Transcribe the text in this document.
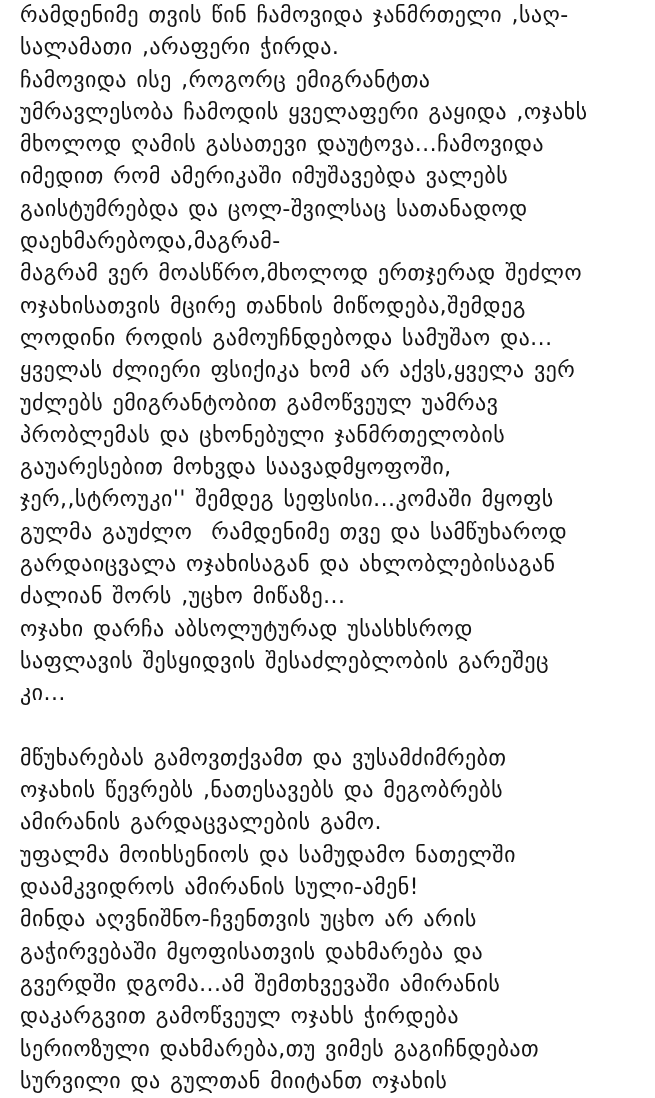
რამდენიმე თვის წინ ჩამოვიდა ჯანმრთელი ,საღ-
სალამათი ,არაფერი ჭირდა.
ჩამოვიდა ისე ,როგორც ემიგრანტთა
უმრავლესობა ჩამოდის ყველაფერი გაყიდა ,ოჯახს
მხოლოდ ღამის გასათევი დაუტოვა...ჩამოვიდა
იმედით რომ ამერიკაში იმუშავებდა ვალებს
გაისტუმრებდა და ცოლ-შვილსაც სათანადოდ
დაეხმარებოდა,მაგრამ-
მაგრამ ვერ მოასწრო,მხოლოდ ერთჯერად შეძლო
ოჯახისათვის მცირე თანხის მიწოდება,შემდეგ
ლოდინი როდის გამოუჩნდებოდა სამუშაო და...
ყველას ძლიერი ფსიქიკა ხომ არ აქვს,ყველა ვერ
უძლებს ემიგრანტობით გამოწვეულ უამრავ
პრობლემას და ცხონებული ჯანმრთელობის
გაუარესებით მოხვდა საავადმყოფოში,
ჯერ,,სტროუკი'' შემდეგ სეფსისი...კომაში მყოფს
გულმა გაუძლო  რამდენიმე თვე და სამწუხაროდ
გარდაიცვალა ოჯახისაგან და ახლობლებისაგან
ძალიან შორს ,უცხო მიწაზე...
ოჯახი დარჩა აბსოლუტურად უსასხსროდ
საფლავის შესყიდვის შესაძლებლობის გარეშეც
კი...
მწუხარებას გამოვთქვამთ და ვუსამძიმრებთ
ოჯახის წევრებს ,ნათესავებს და მეგობრებს
ამირანის გარდაცვალების გამო.
უფალმა მოიხსენიოს და სამუდამო ნათელში
დაამკვიდროს ამირანის სული-ამენ!
მინდა აღვნიშნო-ჩვენთვის უცხო არ არის
გაჭირვებაში მყოფისათვის დახმარება და
გვერდში დგომა...ამ შემთხვევაში ამირანის
დაკარგვით გამოწვეულ ოჯახს ჭირდება
სერიოზული დახმარება,თუ ვიმეს გაგიჩნდებათ
სურვილი და გულთან მიიტანთ ოჯახის
